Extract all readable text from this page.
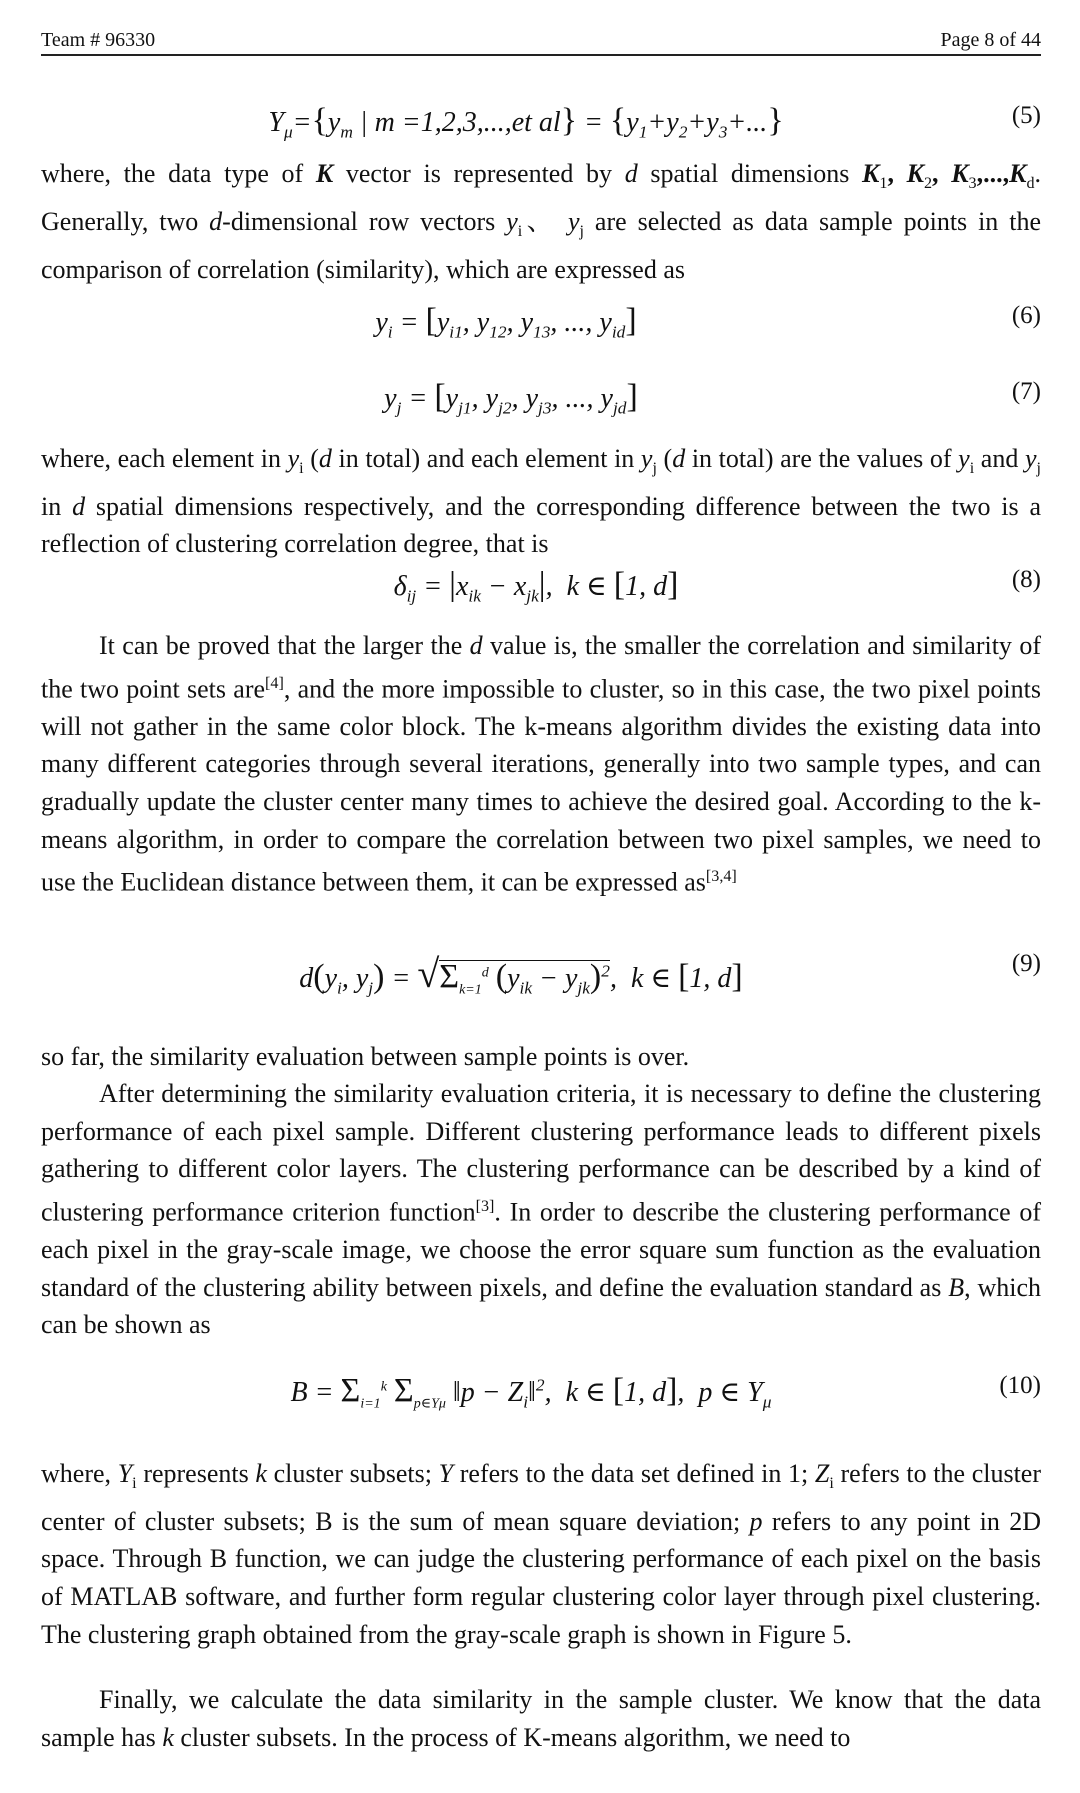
Team # 96330	Page 8 of 44
$Y_\mu=\{y_m$ | m =1,2,3,...,et $al\} = \{y_1+y_2+y_3+...\}$	(5)

where, the data type of K vector is represented by d spatial dimensions $K_1$, $K_2$, $K_3,...,K_d$. Generally, two d-dimensional row vectors $y_i$、 $y_j$ are selected as data sample points in the comparison of correlation (similarity), which are expressed as

$y_i = [y_{i1}$, $y_{12}$, $y_{13}$, ..., $y_{id}$]	(6)
$y_j = [y_{j1}$, $y_{j2}$, $y_{j3}$, ..., $y_{jd}$]	(7)

where, each element in $y_i$ (d in total) and each element in $y_j$ (d in total) are the values of $y_i$ and $y_j$ in d spatial dimensions respectively, and the corresponding difference between the two is a reflection of clustering correlation degree, that is

$\delta_{ij} = |x_{ik} - x_{jk}|$,  k ∈ [1, d]	(8)

It can be proved that the larger the d value is, the smaller the correlation and similarity of the two point sets are[4], and the more impossible to cluster, so in this case, the two pixel points will not gather in the same color block. The k-means algorithm divides the existing data into many different categories through several iterations, generally into two sample types, and can gradually update the cluster center many times to achieve the desired goal. According to the k-means algorithm, in order to compare the correlation between two pixel samples, we need to use the Euclidean distance between them, it can be expressed as[3,4]

$d(y_i$, $y_j) = √\Sigma_{k=1}^d$ $(y_{ik} - y_{jk})^2$,  k ∈ [1, d]	(9)

so far, the similarity evaluation between sample points is over.

After determining the similarity evaluation criteria, it is necessary to define the clustering performance of each pixel sample. Different clustering performance leads to different pixels gathering to different color layers. The clustering performance can be described by a kind of clustering performance criterion function[3]. In order to describe the clustering performance of each pixel in the gray-scale image, we choose the error square sum function as the evaluation standard of the clustering ability between pixels, and define the evaluation standard as B, which can be shown as

$B = \Sigma_{i=1}^k$ $\Sigma_{p\in Y\mu}$ ‖p − $Z_i‖^2$,  k ∈ [1, d],  p ∈ $Y_\mu$
(10)

where, $Y_i$ represents k cluster subsets; Y refers to the data set defined in 1; $Z_i$ refers to the cluster center of cluster subsets; B is the sum of mean square deviation; p refers to any point in 2D space. Through B function, we can judge the clustering performance of each pixel on the basis of MATLAB software, and further form regular clustering color layer through pixel clustering. The clustering graph obtained from the gray-scale graph is shown in Figure 5.

Finally, we calculate the data similarity in the sample cluster. We know that the data sample has k cluster subsets. In the process of K-means algorithm, we need to
